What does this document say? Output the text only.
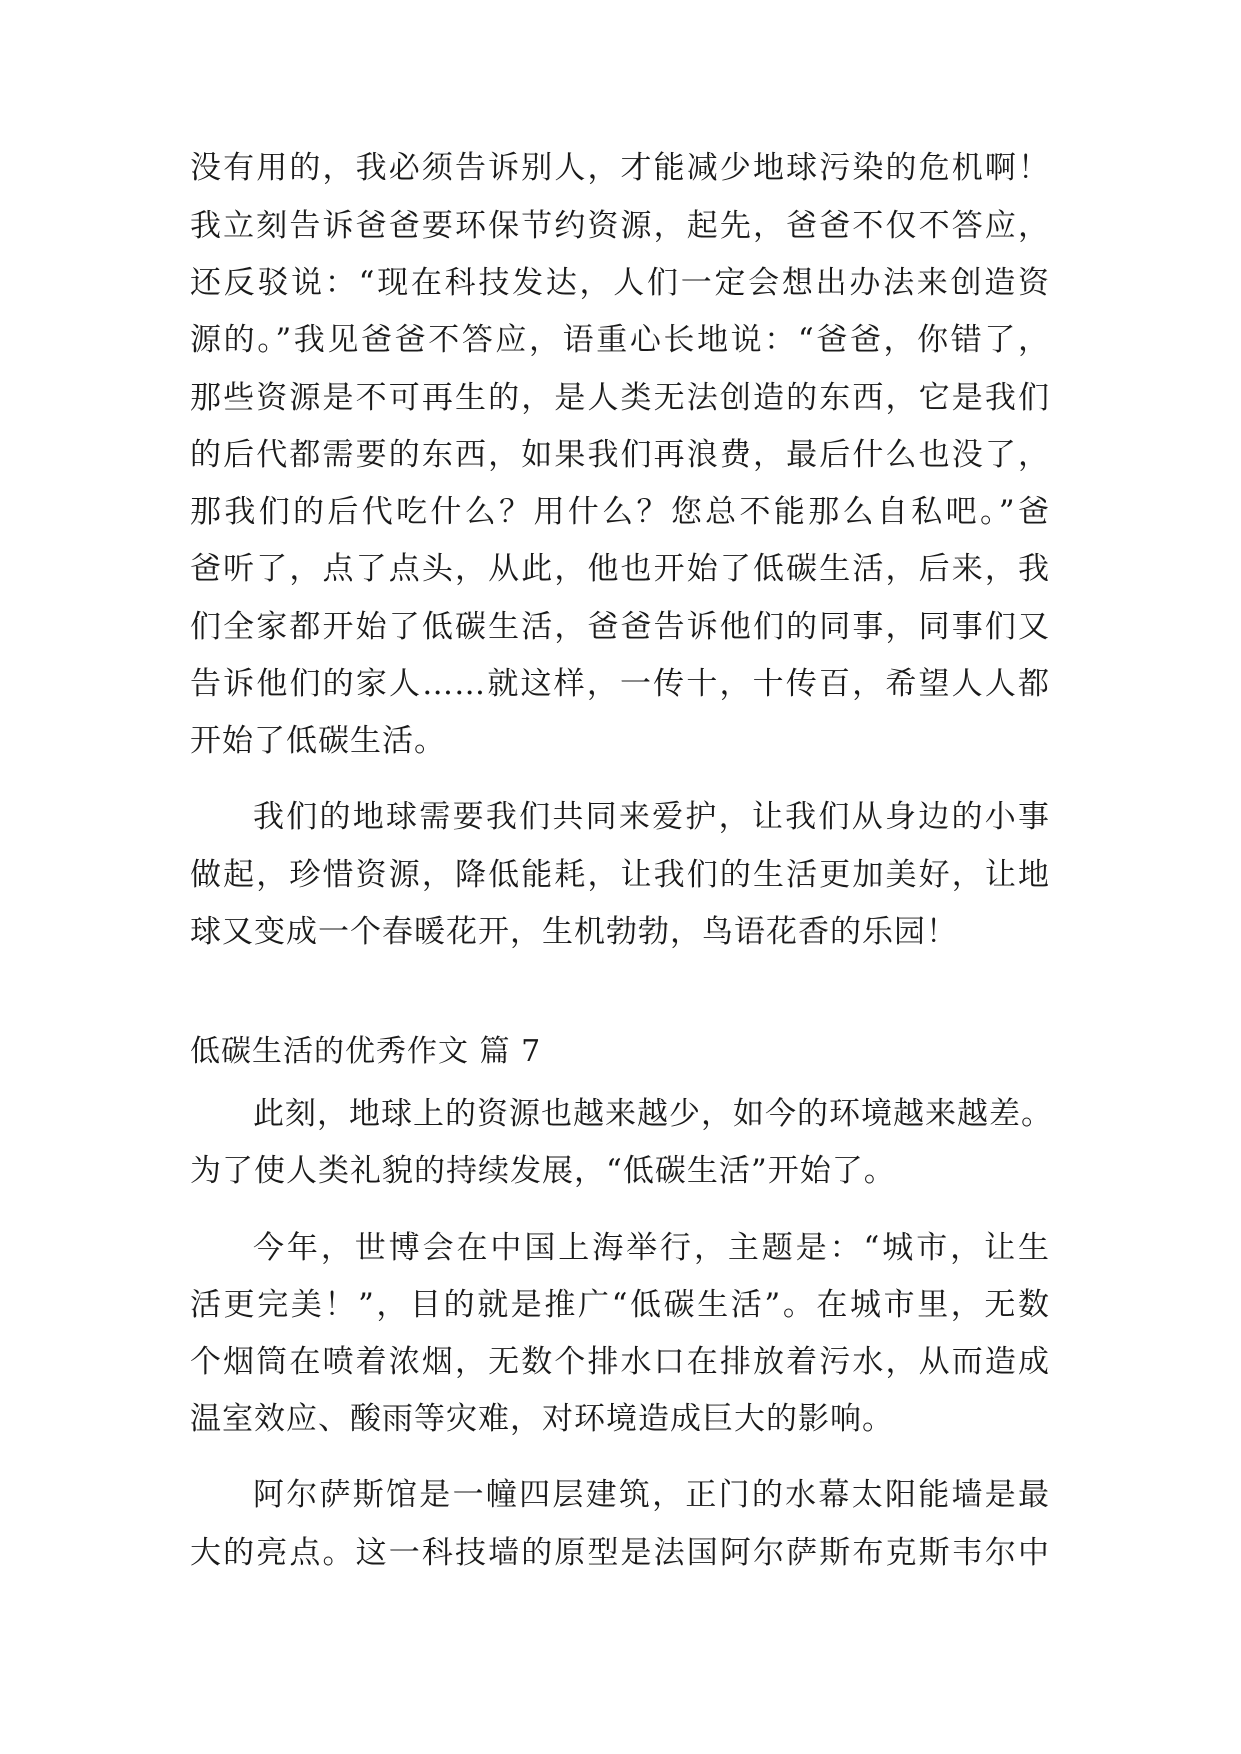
没有用的，我必须告诉别人，才能减少地球污染的危机啊！
我立刻告诉爸爸要环保节约资源，起先，爸爸不仅不答应，
还反驳说：“现在科技发达，人们一定会想出办法来创造资
源的。”我见爸爸不答应，语重心长地说：“爸爸，你错了，
那些资源是不可再生的，是人类无法创造的东西，它是我们
的后代都需要的东西，如果我们再浪费，最后什么也没了，
那我们的后代吃什么？用什么？您总不能那么自私吧。”爸
爸听了，点了点头，从此，他也开始了低碳生活，后来，我
们全家都开始了低碳生活，爸爸告诉他们的同事，同事们又
告诉他们的家人……就这样，一传十，十传百，希望人人都
开始了低碳生活。
我们的地球需要我们共同来爱护，让我们从身边的小事
做起，珍惜资源，降低能耗，让我们的生活更加美好，让地
球又变成一个春暖花开，生机勃勃，鸟语花香的乐园！
低碳生活的优秀作文 篇 7
此刻，地球上的资源也越来越少，如今的环境越来越差。
为了使人类礼貌的持续发展，“低碳生活”开始了。
今年，世博会在中国上海举行，主题是：“城市，让生
活更完美！”，目的就是推广“低碳生活”。在城市里，无数
个烟筒在喷着浓烟，无数个排水口在排放着污水，从而造成
温室效应、酸雨等灾难，对环境造成巨大的影响。
阿尔萨斯馆是一幢四层建筑，正门的水幕太阳能墙是最
大的亮点。这一科技墙的原型是法国阿尔萨斯布克斯韦尔中
